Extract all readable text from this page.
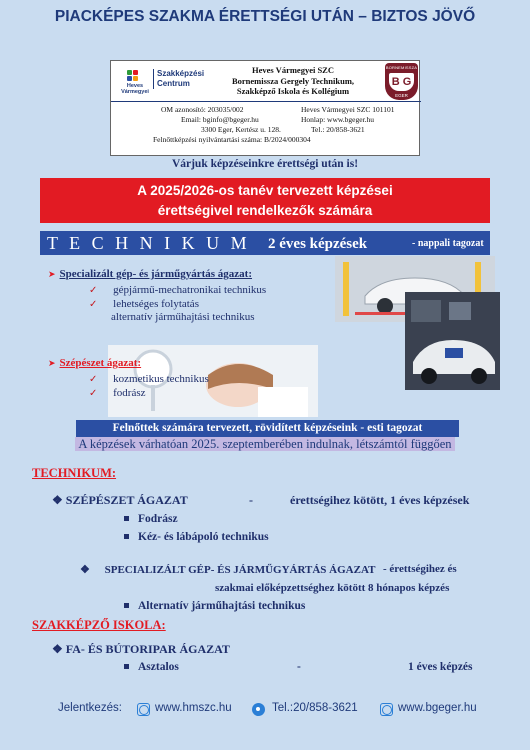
PIACKÉPES SZAKMA ÉRETTSÉGI UTÁN – BIZTOS JÖVŐ
Heves Vármegyei
Szakképzési Centrum
Heves Vármegyei SZC
Bornemissza Gergely Technikum,
Szakképző Iskola és Kollégium
BORNEMISSZA
B G
EGER
OM azonosító: 203035/002	Heves Vármegyei SZC 101101
Email: bginfo@bgeger.hu	Honlap: www.bgeger.hu
3300 Eger, Kertész u. 128.	Tel.: 20/858-3621
Felnőttképzési nyilvántartási száma: B/2024/000304
Várjuk képzéseinkre érettségi után is!
A 2025/2026-os tanév tervezett képzései
érettségivel rendelkezők számára
T E C H N I K U M 2 éves képzések	- nappali tagozat
➤ Specializált gép- és járműgyártás ágazat:
✓ gépjármű-mechatronikai technikus
✓ lehetséges folytatás
alternatív járműhajtási technikus
➤ Szépészet ágazat:
✓ kozmetikus technikus
✓ fodrász
Felnőttek számára tervezett, rövidített képzéseink - esti tagozat
A képzések várhatóan 2025. szeptemberében indulnak, létszámtól függően
TECHNIKUM:
❖ SZÉPÉSZET ÁGAZAT	-	érettségihez kötött, 1 éves képzések
Fodrász
Kéz- és lábápoló technikus
❖ SPECIALIZÁLT GÉP- ÉS JÁRMŰGYÁRTÁS ÁGAZAT - érettségihez és
szakmai előképzettséghez kötött 8 hónapos képzés
Alternatív járműhajtási technikus
SZAKKÉPZŐ ISKOLA:
❖ FA- ÉS BÚTORIPAR ÁGAZAT
Asztalos	-	1 éves képzés
Jelentkezés:	www.hmszc.hu	Tel.:20/858-3621	www.bgeger.hu
